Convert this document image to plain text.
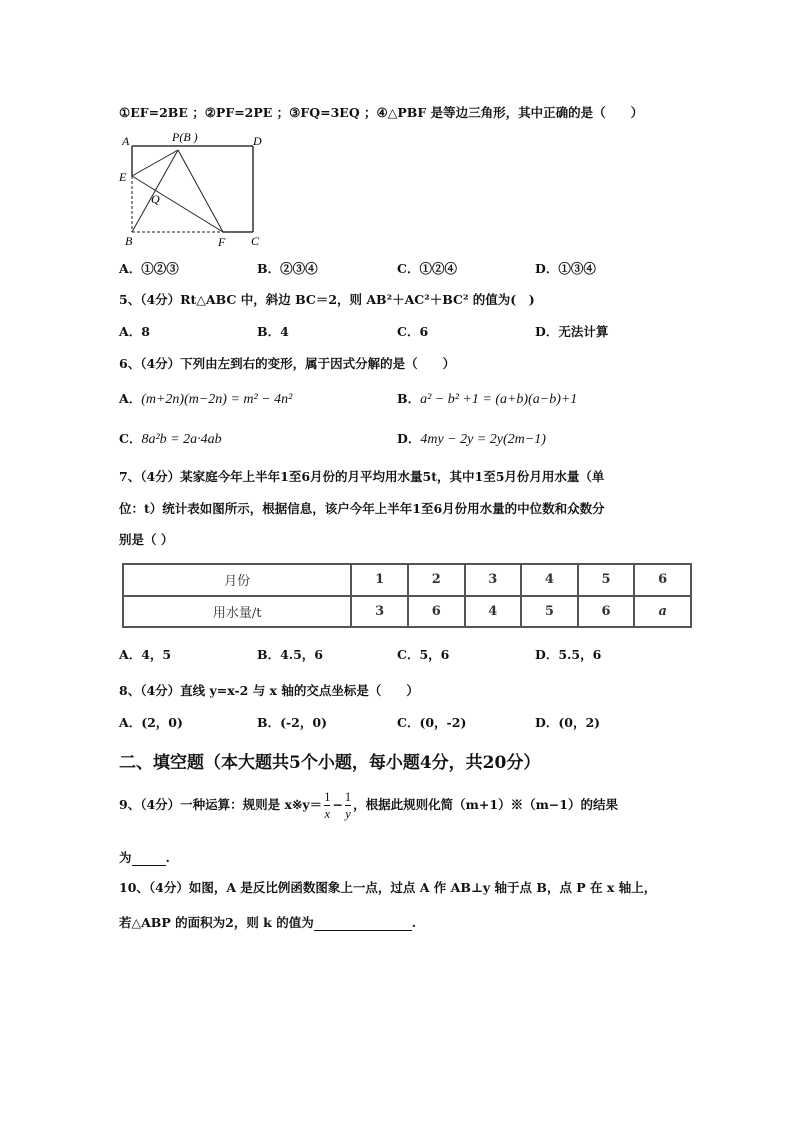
①EF=2BE ；②PF=2PE ；③FQ=3EQ ；④△PBF 是等边三角形，其中正确的是（　　）
A	P(B )	D
E
Q
B	F C
A．①②③	B．②③④	C．①②④	D．①③④
5、（4分）Rt△ABC 中，斜边 BC＝2，则 AB²＋AC²＋BC² 的值为(　)
A．8	B．4	C．6	D．无法计算
6、（4分）下列由左到右的变形，属于因式分解的是（　　）
A．(m+2n)(m−2n) = m² − 4n²	B．a² − b² +1 = (a+b)(a−b)+1
C．8a²b = 2a·4ab	D．4my − 2y = 2y(2m−1)
7、（4分）某家庭今年上半年1至6月份的月平均用水量5t，其中1至5月份月用水量（单
位：t）统计表如图所示，根据信息，该户今年上半年1至6月份用水量的中位数和众数分
别是（ ）
月份	1	2	3	4	5	6
用水量/t	3	6	4	5	6	a
A．4，5	B．4.5，6	C．5，6	D．5.5，6
8、（4分）直线 y=x-2 与 x 轴的交点坐标是（　　）
A．(2，0)	B．(-2，0)	C．(0，-2)	D．(0，2)
二、填空题（本大题共5个小题，每小题4分，共20分）
9、（4分）一种运算：规则是 x※y＝ $\frac{1}{x} - \frac{1}{y}$ ，根据此规则化简（m+1）※（m−1）的结果
为	.
10、（4分）如图，A 是反比例函数图象上一点，过点 A 作 AB⊥y 轴于点 B，点 P 在 x 轴上，
若△ABP 的面积为2，则 k 的值为	.
